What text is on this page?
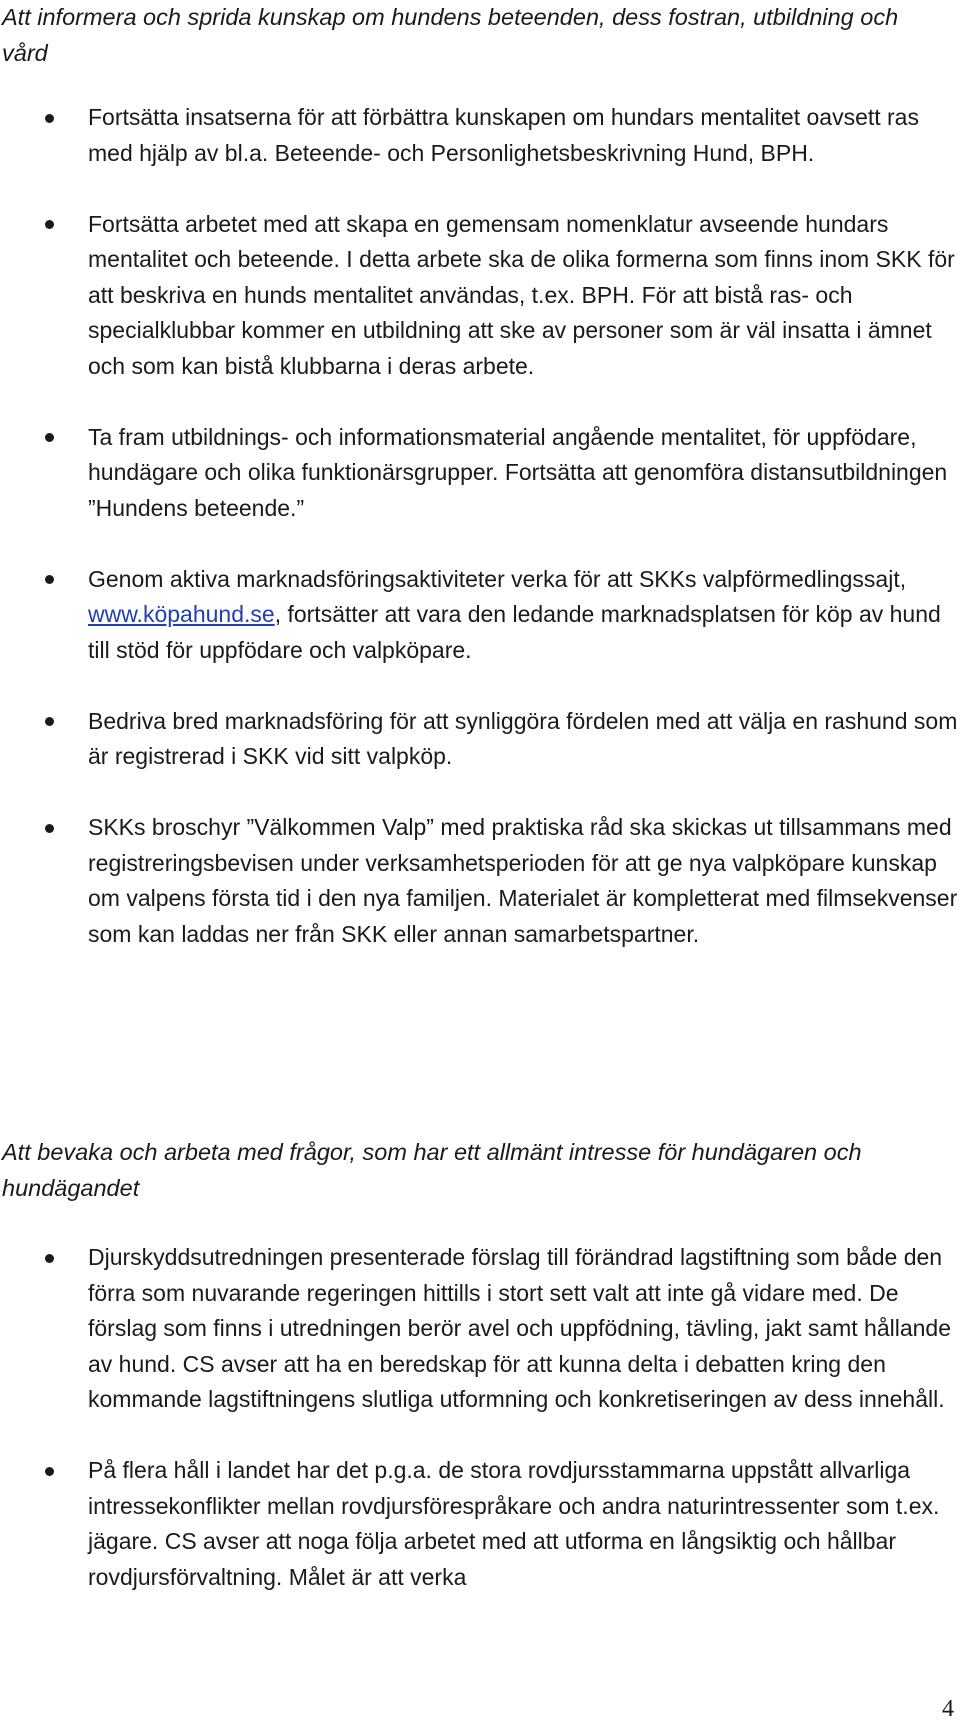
Att informera och sprida kunskap om hundens beteenden, dess fostran, utbildning och vård
Fortsätta insatserna för att förbättra kunskapen om hundars mentalitet oavsett ras med hjälp av bl.a. Beteende- och Personlighetsbeskrivning Hund, BPH.
Fortsätta arbetet med att skapa en gemensam nomenklatur avseende hundars mentalitet och beteende. I detta arbete ska de olika formerna som finns inom SKK för att beskriva en hunds mentalitet användas, t.ex. BPH. För att bistå ras- och specialklubbar kommer en utbildning att ske av personer som är väl insatta i ämnet och som kan bistå klubbarna i deras arbete.
Ta fram utbildnings- och informationsmaterial angående mentalitet, för uppfödare, hundägare och olika funktionärsgrupper. Fortsätta att genomföra distansutbildningen ”Hundens beteende.”
Genom aktiva marknadsföringsaktiviteter verka för att SKKs valpförmedlingssajt, www.köpahund.se, fortsätter att vara den ledande marknadsplatsen för köp av hund till stöd för uppfödare och valpköpare.
Bedriva bred marknadsföring för att synliggöra fördelen med att välja en rashund som är registrerad i SKK vid sitt valpköp.
SKKs broschyr ”Välkommen Valp” med praktiska råd ska skickas ut tillsammans med registreringsbevisen under verksamhetsperioden för att ge nya valpköpare kunskap om valpens första tid i den nya familjen. Materialet är kompletterat med filmsekvenser som kan laddas ner från SKK eller annan samarbetspartner.
Att bevaka och arbeta med frågor, som har ett allmänt intresse för hundägaren och hundägandet
Djurskyddsutredningen presenterade förslag till förändrad lagstiftning som både den förra som nuvarande regeringen hittills i stort sett valt att inte gå vidare med. De förslag som finns i utredningen berör avel och uppfödning, tävling, jakt samt hållande av hund. CS avser att ha en beredskap för att kunna delta i debatten kring den kommande lagstiftningens slutliga utformning och konkretiseringen av dess innehåll.
På flera håll i landet har det p.g.a. de stora rovdjursstammarna uppstått allvarliga intressekonflikter mellan rovdjursförespråkare och andra naturintressenter som t.ex. jägare. CS avser att noga följa arbetet med att utforma en långsiktig och hållbar rovdjursförvaltning. Målet är att verka
4
